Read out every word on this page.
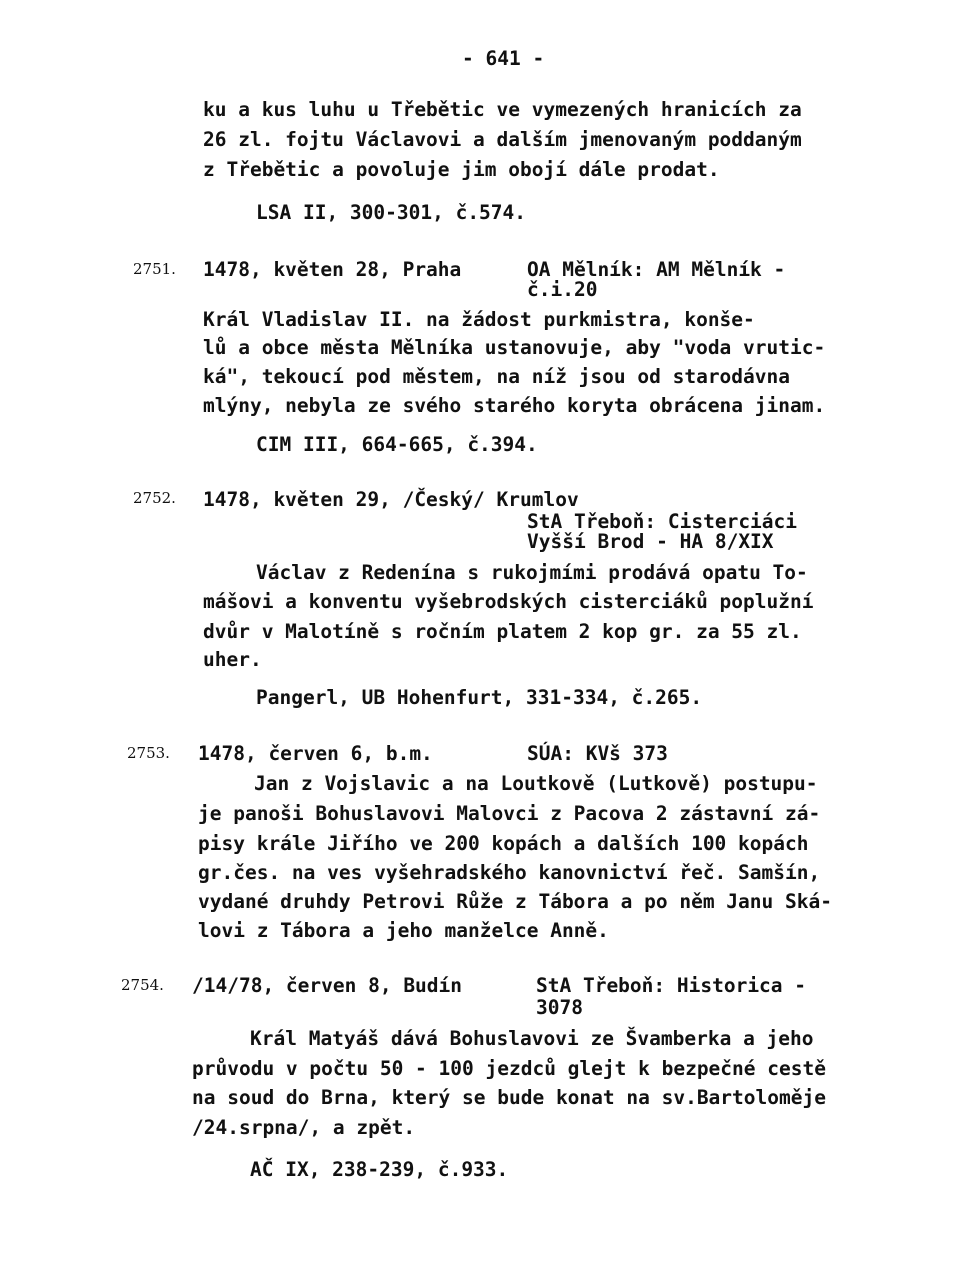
- 641 -
ku a kus luhu u Třebětic ve vymezených hranicích za
26 zl. fojtu Václavovi a dalším jmenovaným poddaným
z Třebětic a povoluje jim obojí dále prodat.
LSA II, 300-301, č.574.
2751. 1478, květen 28, Praha	OA Mělník: AM Mělník -
č.i.20
Král Vladislav II. na žádost purkmistra, konše-
lů a obce města Mělníka ustanovuje, aby "voda vrutic-
ká", tekoucí pod městem, na níž jsou od starodávna
mlýny, nebyla ze svého starého koryta obrácena jinam.
CIM III, 664-665, č.394.
2752. 1478, květen 29, /Český/ Krumlov
StA Třeboň: Cisterciáci
Vyšší Brod - HA 8/XIX
Václav z Redenína s rukojmími prodává opatu To-
mášovi a konventu vyšebrodských cisterciáků poplužní
dvůr v Malotíně s ročním platem 2 kop gr. za 55 zl.
uher.
Pangerl, UB Hohenfurt, 331-334, č.265.
2753. 1478, červen 6, b.m.	SÚA: KVš 373
Jan z Vojslavic a na Loutkově (Lutkově) postupu-
je panoši Bohuslavovi Malovci z Pacova 2 zástavní zá-
pisy krále Jiřího ve 200 kopách a dalších 100 kopách
gr.čes. na ves vyšehradského kanovnictví řeč. Samšín,
vydané druhdy Petrovi Růže z Tábora a po něm Janu Ská-
lovi z Tábora a jeho manželce Anně.
2754. /14/78, červen 8, Budín	StA Třeboň: Historica -
3078
Král Matyáš dává Bohuslavovi ze Švamberka a jeho
průvodu v počtu 50 - 100 jezdců glejt k bezpečné cestě
na soud do Brna, který se bude konat na sv.Bartoloměje
/24.srpna/, a zpět.
AČ IX, 238-239, č.933.
